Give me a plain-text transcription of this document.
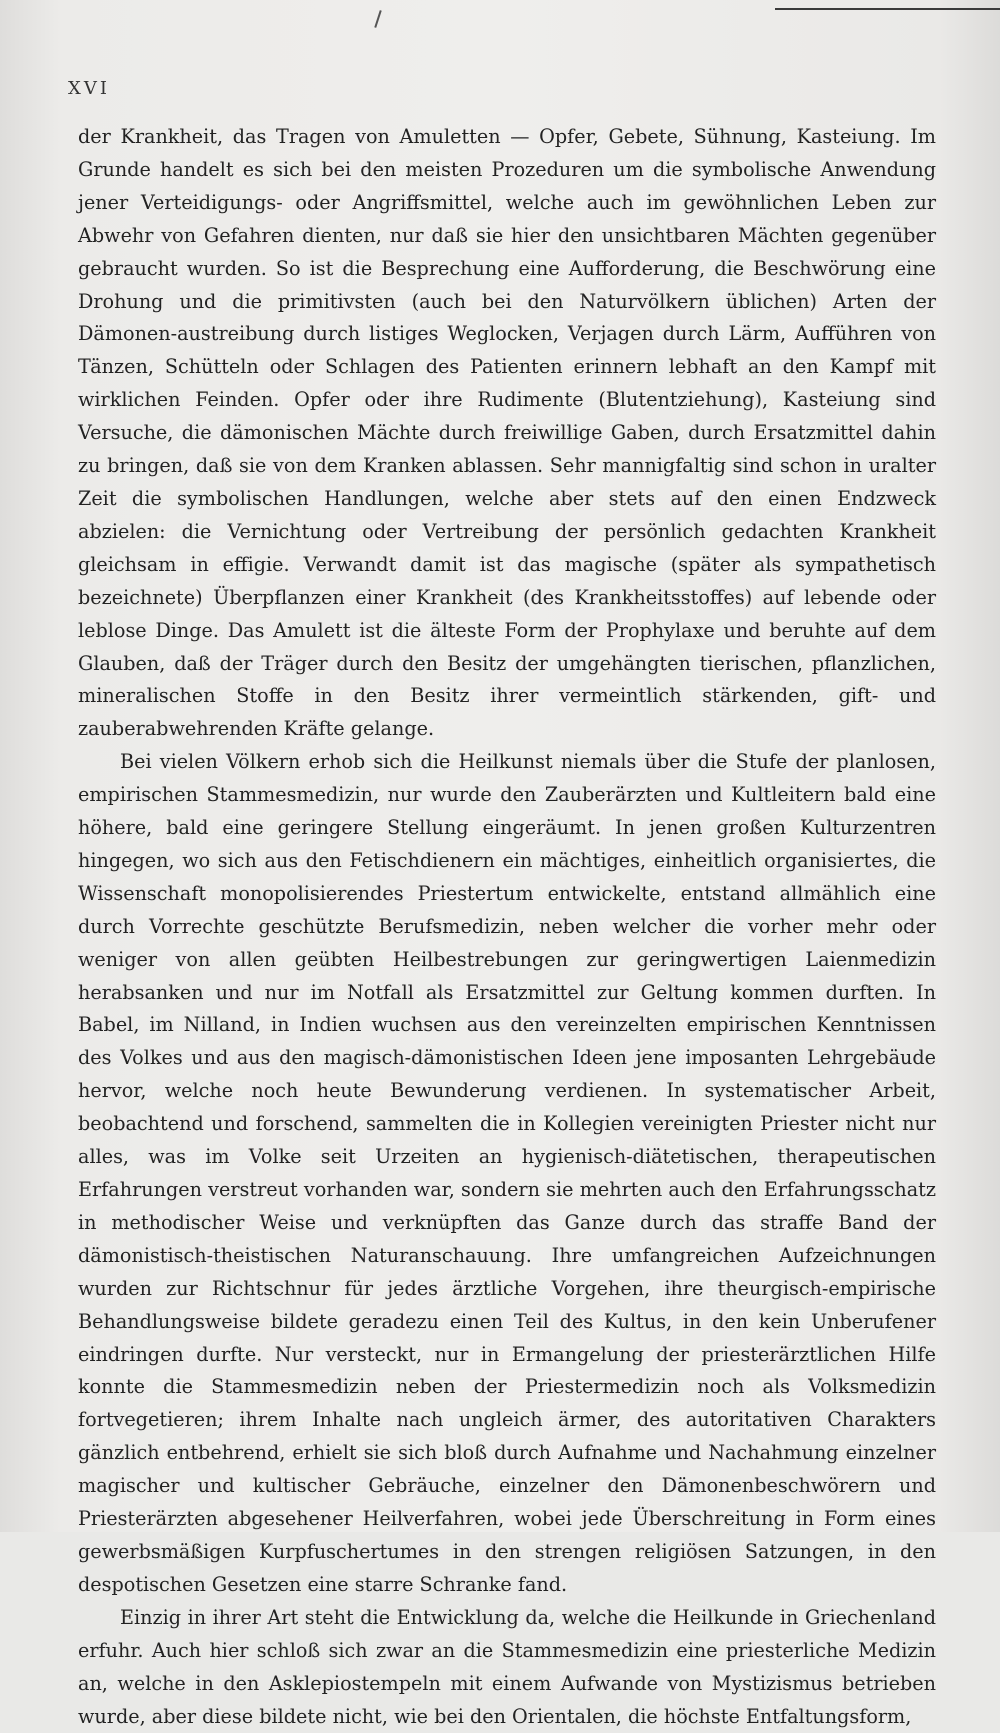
XVI

der Krankheit, das Tragen von Amuletten — Opfer, Gebete, Sühnung, Kasteiung. Im Grunde handelt es sich bei den meisten Prozeduren um die symbolische Anwendung jener Verteidigungs- oder Angriffsmittel, welche auch im gewöhnlichen Leben zur Abwehr von Gefahren dienten, nur daß sie hier den unsichtbaren Mächten gegenüber gebraucht wurden. So ist die Besprechung eine Aufforderung, die Beschwörung eine Drohung und die primitivsten (auch bei den Naturvölkern üblichen) Arten der Dämonen-austreibung durch listiges Weglocken, Verjagen durch Lärm, Aufführen von Tänzen, Schütteln oder Schlagen des Patienten erinnern lebhaft an den Kampf mit wirklichen Feinden. Opfer oder ihre Rudimente (Blutentziehung), Kasteiung sind Versuche, die dämonischen Mächte durch freiwillige Gaben, durch Ersatzmittel dahin zu bringen, daß sie von dem Kranken ablassen. Sehr mannigfaltig sind schon in uralter Zeit die symbolischen Handlungen, welche aber stets auf den einen Endzweck abzielen: die Vernichtung oder Vertreibung der persönlich gedachten Krankheit gleichsam in effigie. Verwandt damit ist das magische (später als sympathetisch bezeichnete) Überpflanzen einer Krankheit (des Krankheitsstoffes) auf lebende oder leblose Dinge. Das Amulett ist die älteste Form der Prophylaxe und beruhte auf dem Glauben, daß der Träger durch den Besitz der umgehängten tierischen, pflanzlichen, mineralischen Stoffe in den Besitz ihrer vermeintlich stärkenden, gift- und zauberabwehrenden Kräfte gelange.

Bei vielen Völkern erhob sich die Heilkunst niemals über die Stufe der planlosen, empirischen Stammesmedizin, nur wurde den Zauberärzten und Kultleitern bald eine höhere, bald eine geringere Stellung eingeräumt. In jenen großen Kulturzentren hingegen, wo sich aus den Fetischdienern ein mächtiges, einheitlich organisiertes, die Wissenschaft monopolisierendes Priestertum entwickelte, entstand allmählich eine durch Vorrechte geschützte Berufsmedizin, neben welcher die vorher mehr oder weniger von allen geübten Heilbestrebungen zur geringwertigen Laienmedizin herabsanken und nur im Notfall als Ersatzmittel zur Geltung kommen durften. In Babel, im Nilland, in Indien wuchsen aus den vereinzelten empirischen Kenntnissen des Volkes und aus den magisch-dämonistischen Ideen jene imposanten Lehrgebäude hervor, welche noch heute Bewunderung verdienen. In systematischer Arbeit, beobachtend und forschend, sammelten die in Kollegien vereinigten Priester nicht nur alles, was im Volke seit Urzeiten an hygienisch-diätetischen, therapeutischen Erfahrungen verstreut vorhanden war, sondern sie mehrten auch den Erfahrungsschatz in methodischer Weise und verknüpften das Ganze durch das straffe Band der dämonistisch-theistischen Naturanschauung. Ihre umfangreichen Aufzeichnungen wurden zur Richtschnur für jedes ärztliche Vorgehen, ihre theurgisch-empirische Behandlungsweise bildete geradezu einen Teil des Kultus, in den kein Unberufener eindringen durfte. Nur versteckt, nur in Ermangelung der priesterärztlichen Hilfe konnte die Stammesmedizin neben der Priestermedizin noch als Volksmedizin fortvegetieren; ihrem Inhalte nach ungleich ärmer, des autoritativen Charakters gänzlich entbehrend, erhielt sie sich bloß durch Aufnahme und Nachahmung einzelner magischer und kultischer Gebräuche, einzelner den Dämonenbeschwörern und Priesterärzten abgesehener Heilverfahren, wobei jede Überschreitung in Form eines gewerbsmäßigen Kurpfuschertumes in den strengen religiösen Satzungen, in den despotischen Gesetzen eine starre Schranke fand.

Einzig in ihrer Art steht die Entwicklung da, welche die Heilkunde in Griechenland erfuhr. Auch hier schloß sich zwar an die Stammesmedizin eine priesterliche Medizin an, welche in den Asklepiostempeln mit einem Aufwande von Mystizismus betrieben wurde, aber diese bildete nicht, wie bei den Orientalen, die höchste Entfaltungsform,
